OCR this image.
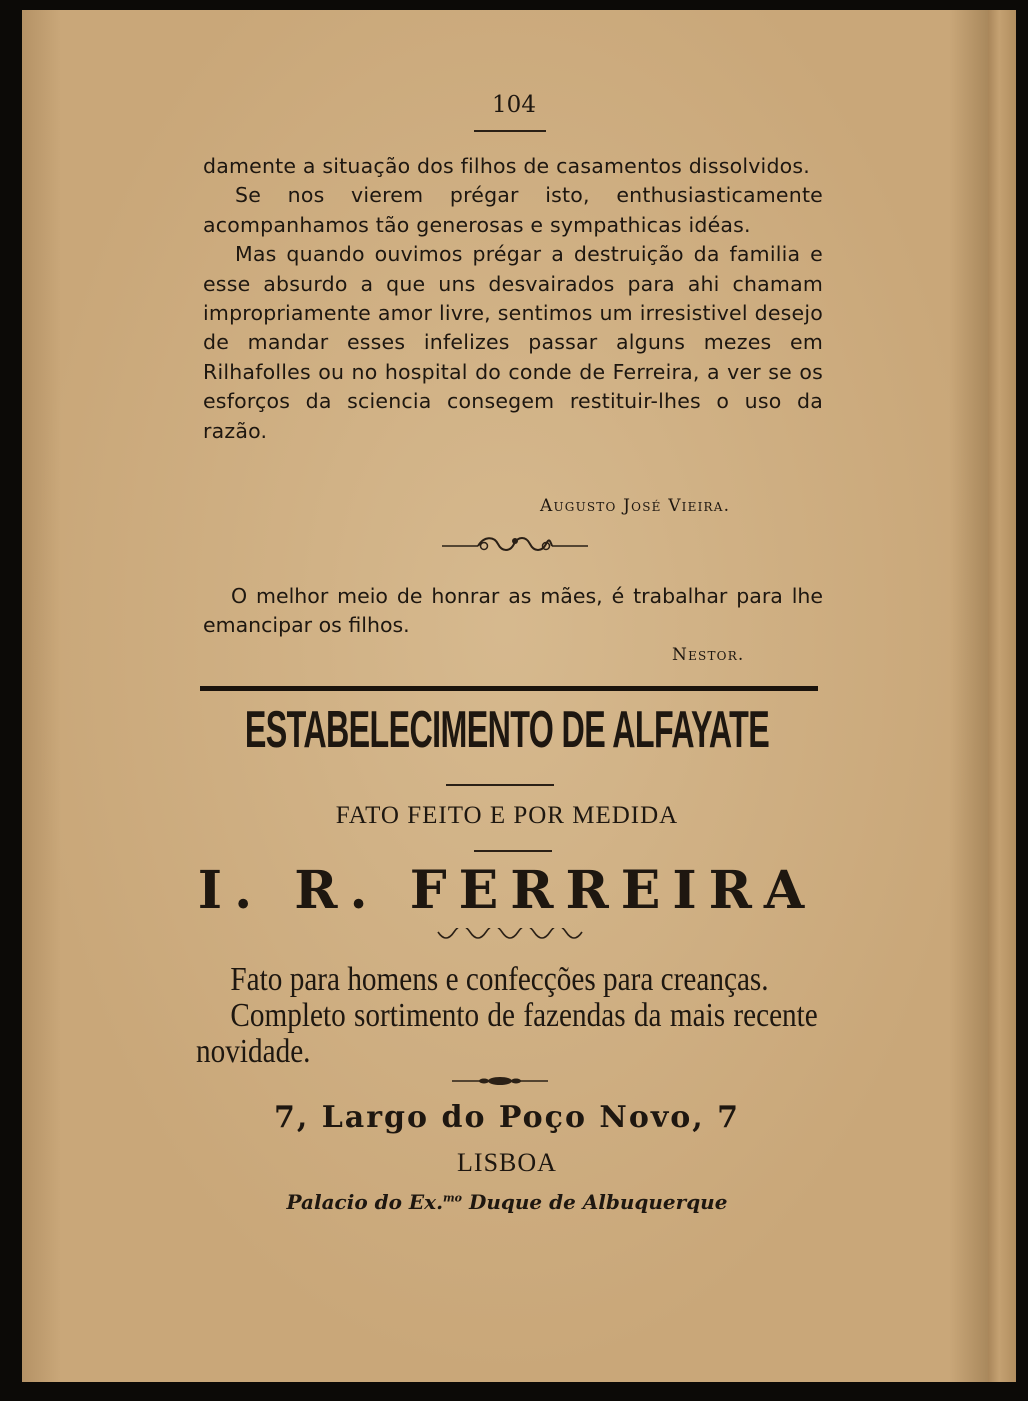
104

damente a situação dos filhos de casamentos dissolvidos.

Se nos vierem prégar isto, enthusiasticamente acompanhamos tão generosas e sympathicas idéas.

Mas quando ouvimos prégar a destruição da familia e esse absurdo a que uns desvairados para ahi chamam impropriamente amor livre, sentimos um irresistivel desejo de mandar esses infelizes passar alguns mezes em Rilhafolles ou no hospital do conde de Ferreira, a ver se os esforços da sciencia consegem restituir-lhes o uso da razão.

Augusto José Vieira.

O melhor meio de honrar as mães, é trabalhar para lhe emancipar os filhos.

Nestor.
ESTABELECIMENTO DE ALFAYATE
FATO FEITO E POR MEDIDA
I. R. FERREIRA

Fato para homens e confecções para creanças.

Completo sortimento de fazendas da mais recente novidade.

7, Largo do Poço Novo, 7
LISBOA
Palacio do Ex.$^{mo}$ Duque de Albuquerque
